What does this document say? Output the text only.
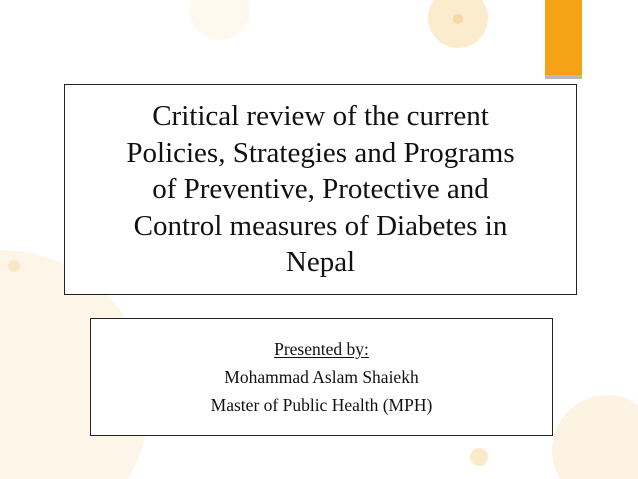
Critical review of the current
Policies, Strategies and Programs
of Preventive, Protective and
Control measures of Diabetes in
Nepal
Presented by:
Mohammad Aslam Shaiekh
Master of Public Health (MPH)
